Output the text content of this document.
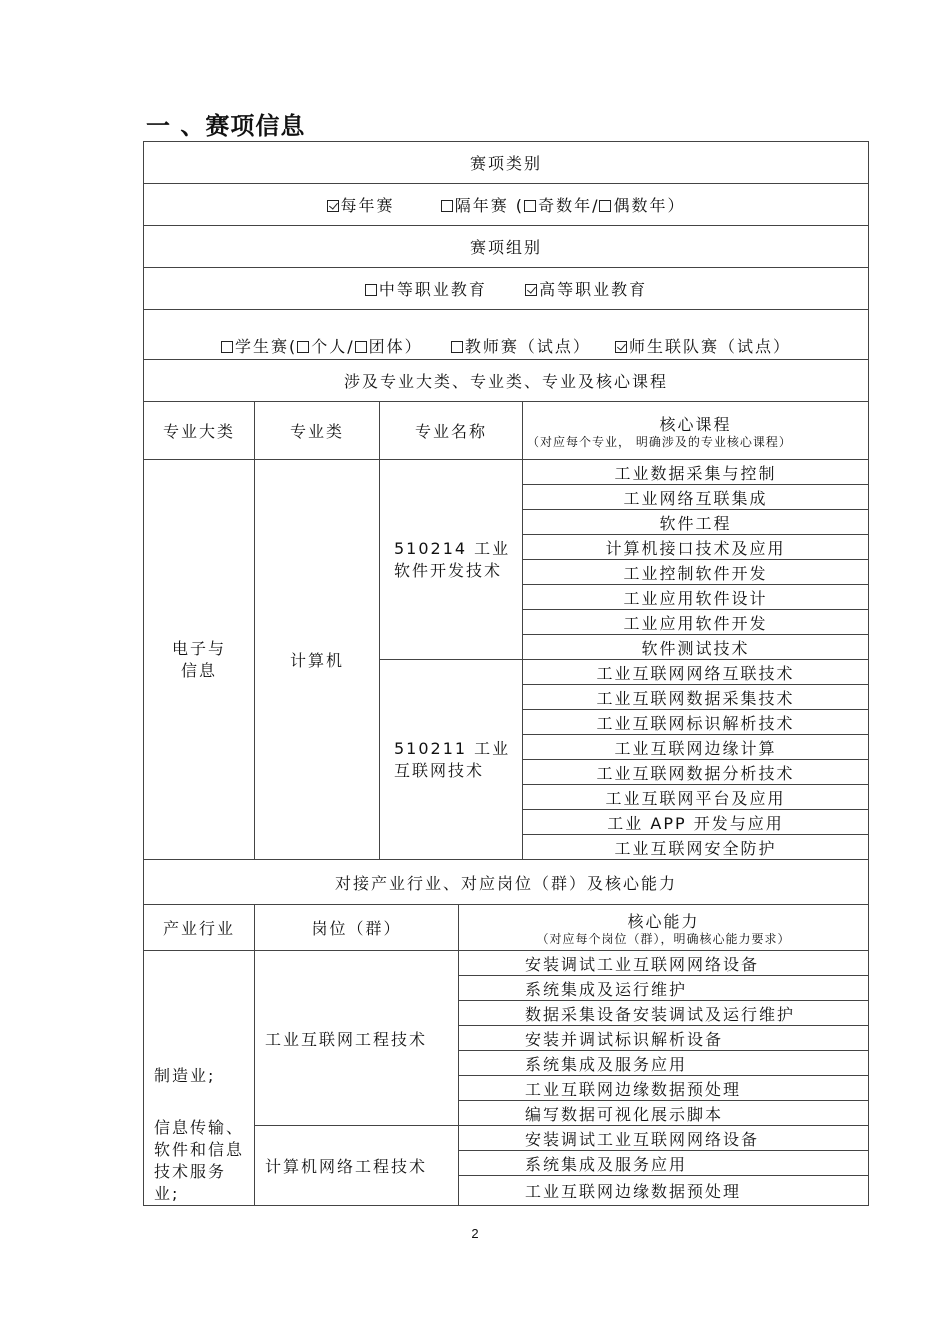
一 、赛项信息
赛项类别
每年赛	隔年赛 ( 奇数年/ 偶数年）
赛项组别
中等职业教育	高等职业教育
学生赛( 个人/ 团体）	教师赛（试点） 师生联队赛（试点）
涉及专业大类、专业类、专业及核心课程
专业大类	专业类	专业名称	核心课程
（对应每个专业， 明确涉及的专业核心课程）

电子与信息	计算机	510214 工业软件开发技术	工业数据采集与控制
			工业网络互联集成
			软件工程
			计算机接口技术及应用
			工业控制软件开发
			工业应用软件设计
			工业应用软件开发
			软件测试技术

		510211 工业互联网技术	工业互联网网络互联技术
			工业互联网数据采集技术
			工业互联网标识解析技术
			工业互联网边缘计算
			工业互联网数据分析技术
			工业互联网平台及应用
			工业 APP 开发与应用
			工业互联网安全防护
对接产业行业、对应岗位（群）及核心能力
产业行业	岗位（群）	核心能力
（对应每个岗位（群），明确核心能力要求）

制造业;
信息传输、软件和信息技术服务业;	工业互联网工程技术	安装调试工业互联网网络设备
		系统集成及运行维护
		数据采集设备安装调试及运行维护
		安装并调试标识解析设备
		系统集成及服务应用
		工业互联网边缘数据预处理
		编写数据可视化展示脚本
	计算机网络工程技术	安装调试工业互联网网络设备
		系统集成及服务应用
		工业互联网边缘数据预处理
2
